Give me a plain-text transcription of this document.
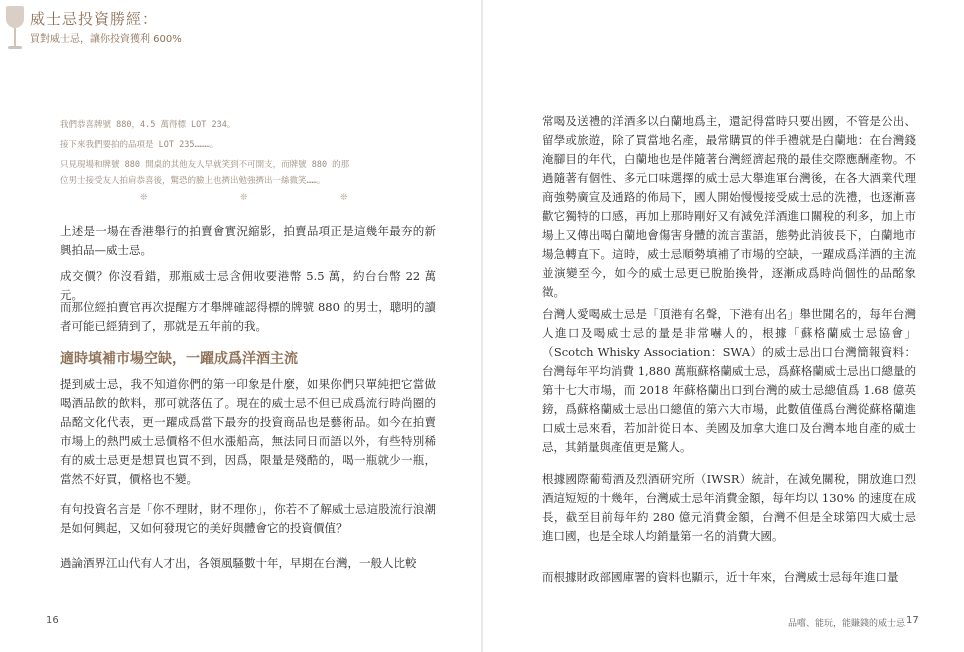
威士忌投資勝經：
買對威士忌，讓你投資獲利 600%
我們恭喜牌號 880，4.5 萬得標 LOT 234。
接下來我們要拍的品項是 LOT 235………。
只見現場和牌號 880 開桌的其他友人早就笑到不可開支，而牌號 880 的那
位男士接受友人拍肩恭喜後，驚恐的臉上也擠出勉強擠出一絲微笑……。
❊	❊	❊
上述是一場在香港舉行的拍賣會實況縮影，拍賣品項正是這幾年最夯的新興拍品—威士忌。
成交價？你沒看錯，那瓶威士忌含佣收要港幣 5.5 萬，約台台幣 22 萬元。
而那位經拍賣官再次提醒方才舉牌確認得標的牌號 880 的男士，聰明的讀者可能已經猜到了，那就是五年前的我。
適時填補市場空缺，一躍成爲洋酒主流
提到威士忌，我不知道你們的第一印象是什麼，如果你們只單純把它當做喝酒品飲的飲料，那可就落伍了。現在的威士忌不但已成爲流行時尚圈的品酩文化代表，更一躍成爲當下最夯的投資商品也是藝術品。如今在拍賣市場上的熱門威士忌價格不但水漲船高，無法同日而語以外，有些特別稀有的威士忌更是想買也買不到，因爲，限量是殘酷的，喝一瓶就少一瓶，當然不好買，價格也不變。
有句投資名言是「你不理財，財不理你」，你若不了解威士忌這股流行浪潮是如何興起，又如何發現它的美好與體會它的投資價值？
過論酒界江山代有人才出，各領風騷數十年，早期在台灣，一般人比較
16
常喝及送禮的洋酒多以白蘭地爲主，還記得當時只要出國，不管是公出、留學或旅遊，除了買當地名產，最常購買的伴手禮就是白蘭地：在台灣錢淹腳目的年代，白蘭地也是伴隨著台灣經濟起飛的最佳交際應酬產物。不過隨著有個性、多元口味選擇的威士忌大舉進軍台灣後，在各大酒業代理商強勢廣宣及通路的佈局下，國人開始慢慢接受威士忌的洗禮，也逐漸喜歡它獨特的口感，再加上那時剛好又有減免洋酒進口關稅的利多，加上市場上又傳出喝白蘭地會傷害身體的流言蜚語，態勢此消彼長下，白蘭地市場急轉直下。這時，威士忌順勢填補了市場的空缺，一躍成爲洋酒的主流並演變至今，如今的威士忌更已脫胎換骨，逐漸成爲時尚個性的品酩象徵。
台灣人愛喝威士忌是「頂港有名聲，下港有出名」舉世聞名的，每年台灣人進口及喝威士忌的量是非常嚇人的，根據「蘇格蘭威士忌協會」（Scotch Whisky Association：SWA）的威士忌出口台灣簡報資料：台灣每年平均消費 1,880 萬瓶蘇格蘭威士忌，爲蘇格蘭威士忌出口總量的第十七大市場，而 2018 年蘇格蘭出口到台灣的威士忌總值爲 1.68 億英鎊，爲蘇格蘭威士忌出口總值的第六大市場，此數值僅爲台灣從蘇格蘭進口威士忌來看，若加計從日本、美國及加拿大進口及台灣本地自產的威士忌，其銷量與產值更是驚人。
根據國際葡萄酒及烈酒研究所（IWSR）統計，在減免關稅，開放進口烈酒這短短的十幾年，台灣威士忌年消費金額，每年均以 130% 的速度在成長，截至目前每年約 280 億元消費金額，台灣不但是全球第四大威士忌進口國，也是全球人均銷量第一名的消費大國。
而根據財政部國庫署的資料也顯示，近十年來，台灣威士忌每年進口量
品嚐、能玩，能賺錢的威士忌 17
